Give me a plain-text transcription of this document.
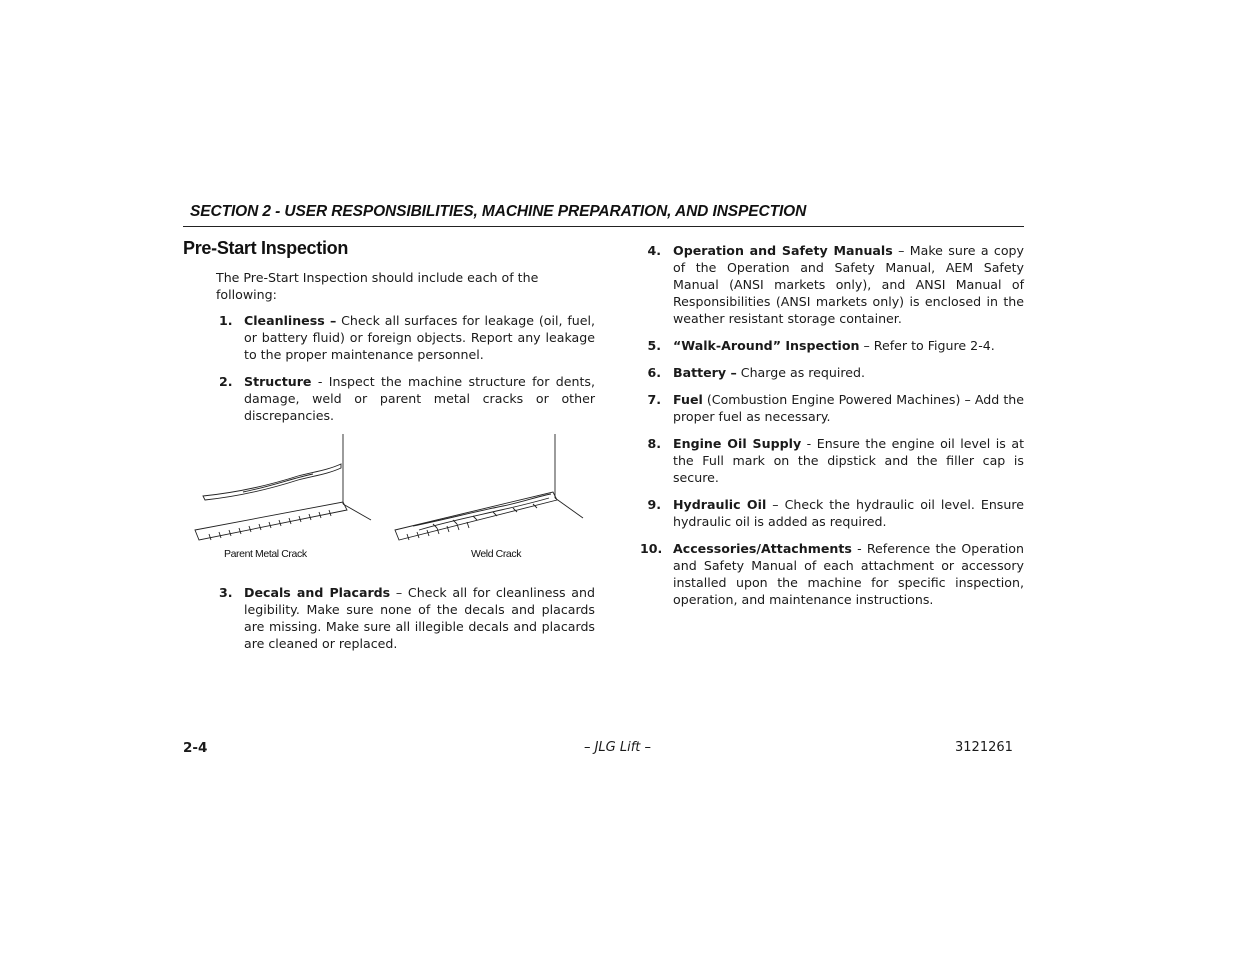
SECTION 2 - USER RESPONSIBILITIES, MACHINE PREPARATION, AND INSPECTION
Pre-Start Inspection
The Pre-Start Inspection should include each of the following:
1. Cleanliness – Check all surfaces for leakage (oil, fuel, or battery fluid) or foreign objects. Report any leakage to the proper maintenance personnel.
2. Structure - Inspect the machine structure for dents, damage, weld or parent metal cracks or other discrepancies.
Parent Metal Crack	Weld Crack
3. Decals and Placards – Check all for cleanliness and legibility. Make sure none of the decals and placards are missing. Make sure all illegible decals and placards are cleaned or replaced.
4. Operation and Safety Manuals – Make sure a copy of the Operation and Safety Manual, AEM Safety Manual (ANSI markets only), and ANSI Manual of Responsibilities (ANSI markets only) is enclosed in the weather resistant storage container.
5. “Walk-Around” Inspection – Refer to Figure 2-4.
6. Battery – Charge as required.
7. Fuel (Combustion Engine Powered Machines) – Add the proper fuel as necessary.
8. Engine Oil Supply - Ensure the engine oil level is at the Full mark on the dipstick and the filler cap is secure.
9. Hydraulic Oil – Check the hydraulic oil level. Ensure hydraulic oil is added as required.
10. Accessories/Attachments - Reference the Operation and Safety Manual of each attachment or accessory installed upon the machine for specific inspection, operation, and maintenance instructions.
2-4	– JLG Lift –	3121261
